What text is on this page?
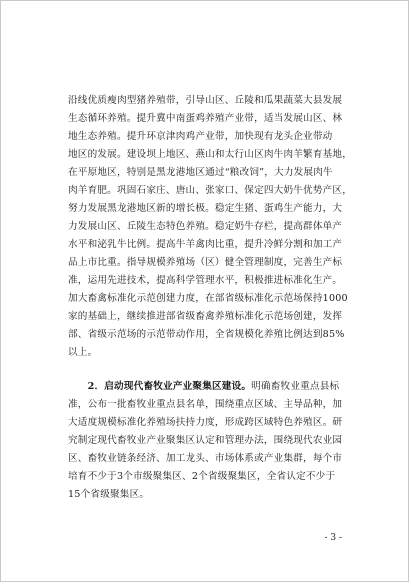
沿线优质瘦肉型猪养殖带，引导山区、丘陵和瓜果蔬菜大县发展
生态循环养殖。提升冀中南蛋鸡养殖产业带，适当发展山区、林
地生态养殖。提升环京津肉鸡产业带，加快现有龙头企业带动
地区的发展。建设坝上地区、燕山和太行山区肉牛肉羊繁育基地，
在平原地区，特别是黑龙港地区通过“粮改饲”，大力发展肉牛
肉羊育肥。巩固石家庄、唐山、张家口、保定四大奶牛优势产区，
努力发展黑龙港地区新的增长极。稳定生猪、蛋鸡生产能力，大
力发展山区、丘陵生态特色养殖。稳定奶牛存栏，提高群体单产
水平和泌乳牛比例。提高牛羊禽肉比重，提升冷鲜分割和加工产
品上市比重。指导规模养殖场（区）健全管理制度，完善生产标
准，运用先进技术，提高科学管理水平，积极推进标准化生产。
加大畜禽标准化示范创建力度，在部省级标准化示范场保持1000
家的基础上，继续推进部省级畜禽养殖标准化示范场创建，发挥
部、省级示范场的示范带动作用，全省规模化养殖比例达到85%
以上。
　　2．启动现代畜牧业产业聚集区建设。明确畜牧业重点县标
准，公布一批畜牧业重点县名单，围绕重点区域、主导品种，加
大适度规模标准化养殖场扶持力度，形成跨区域特色养殖区。研
究制定现代畜牧业产业聚集区认定和管理办法，围绕现代农业园
区、畜牧业链条经济、加工龙头、市场体系或产业集群，每个市
培育不少于3个市级聚集区、2个省级聚集区，全省认定不少于
15个省级聚集区。
- 3 -
